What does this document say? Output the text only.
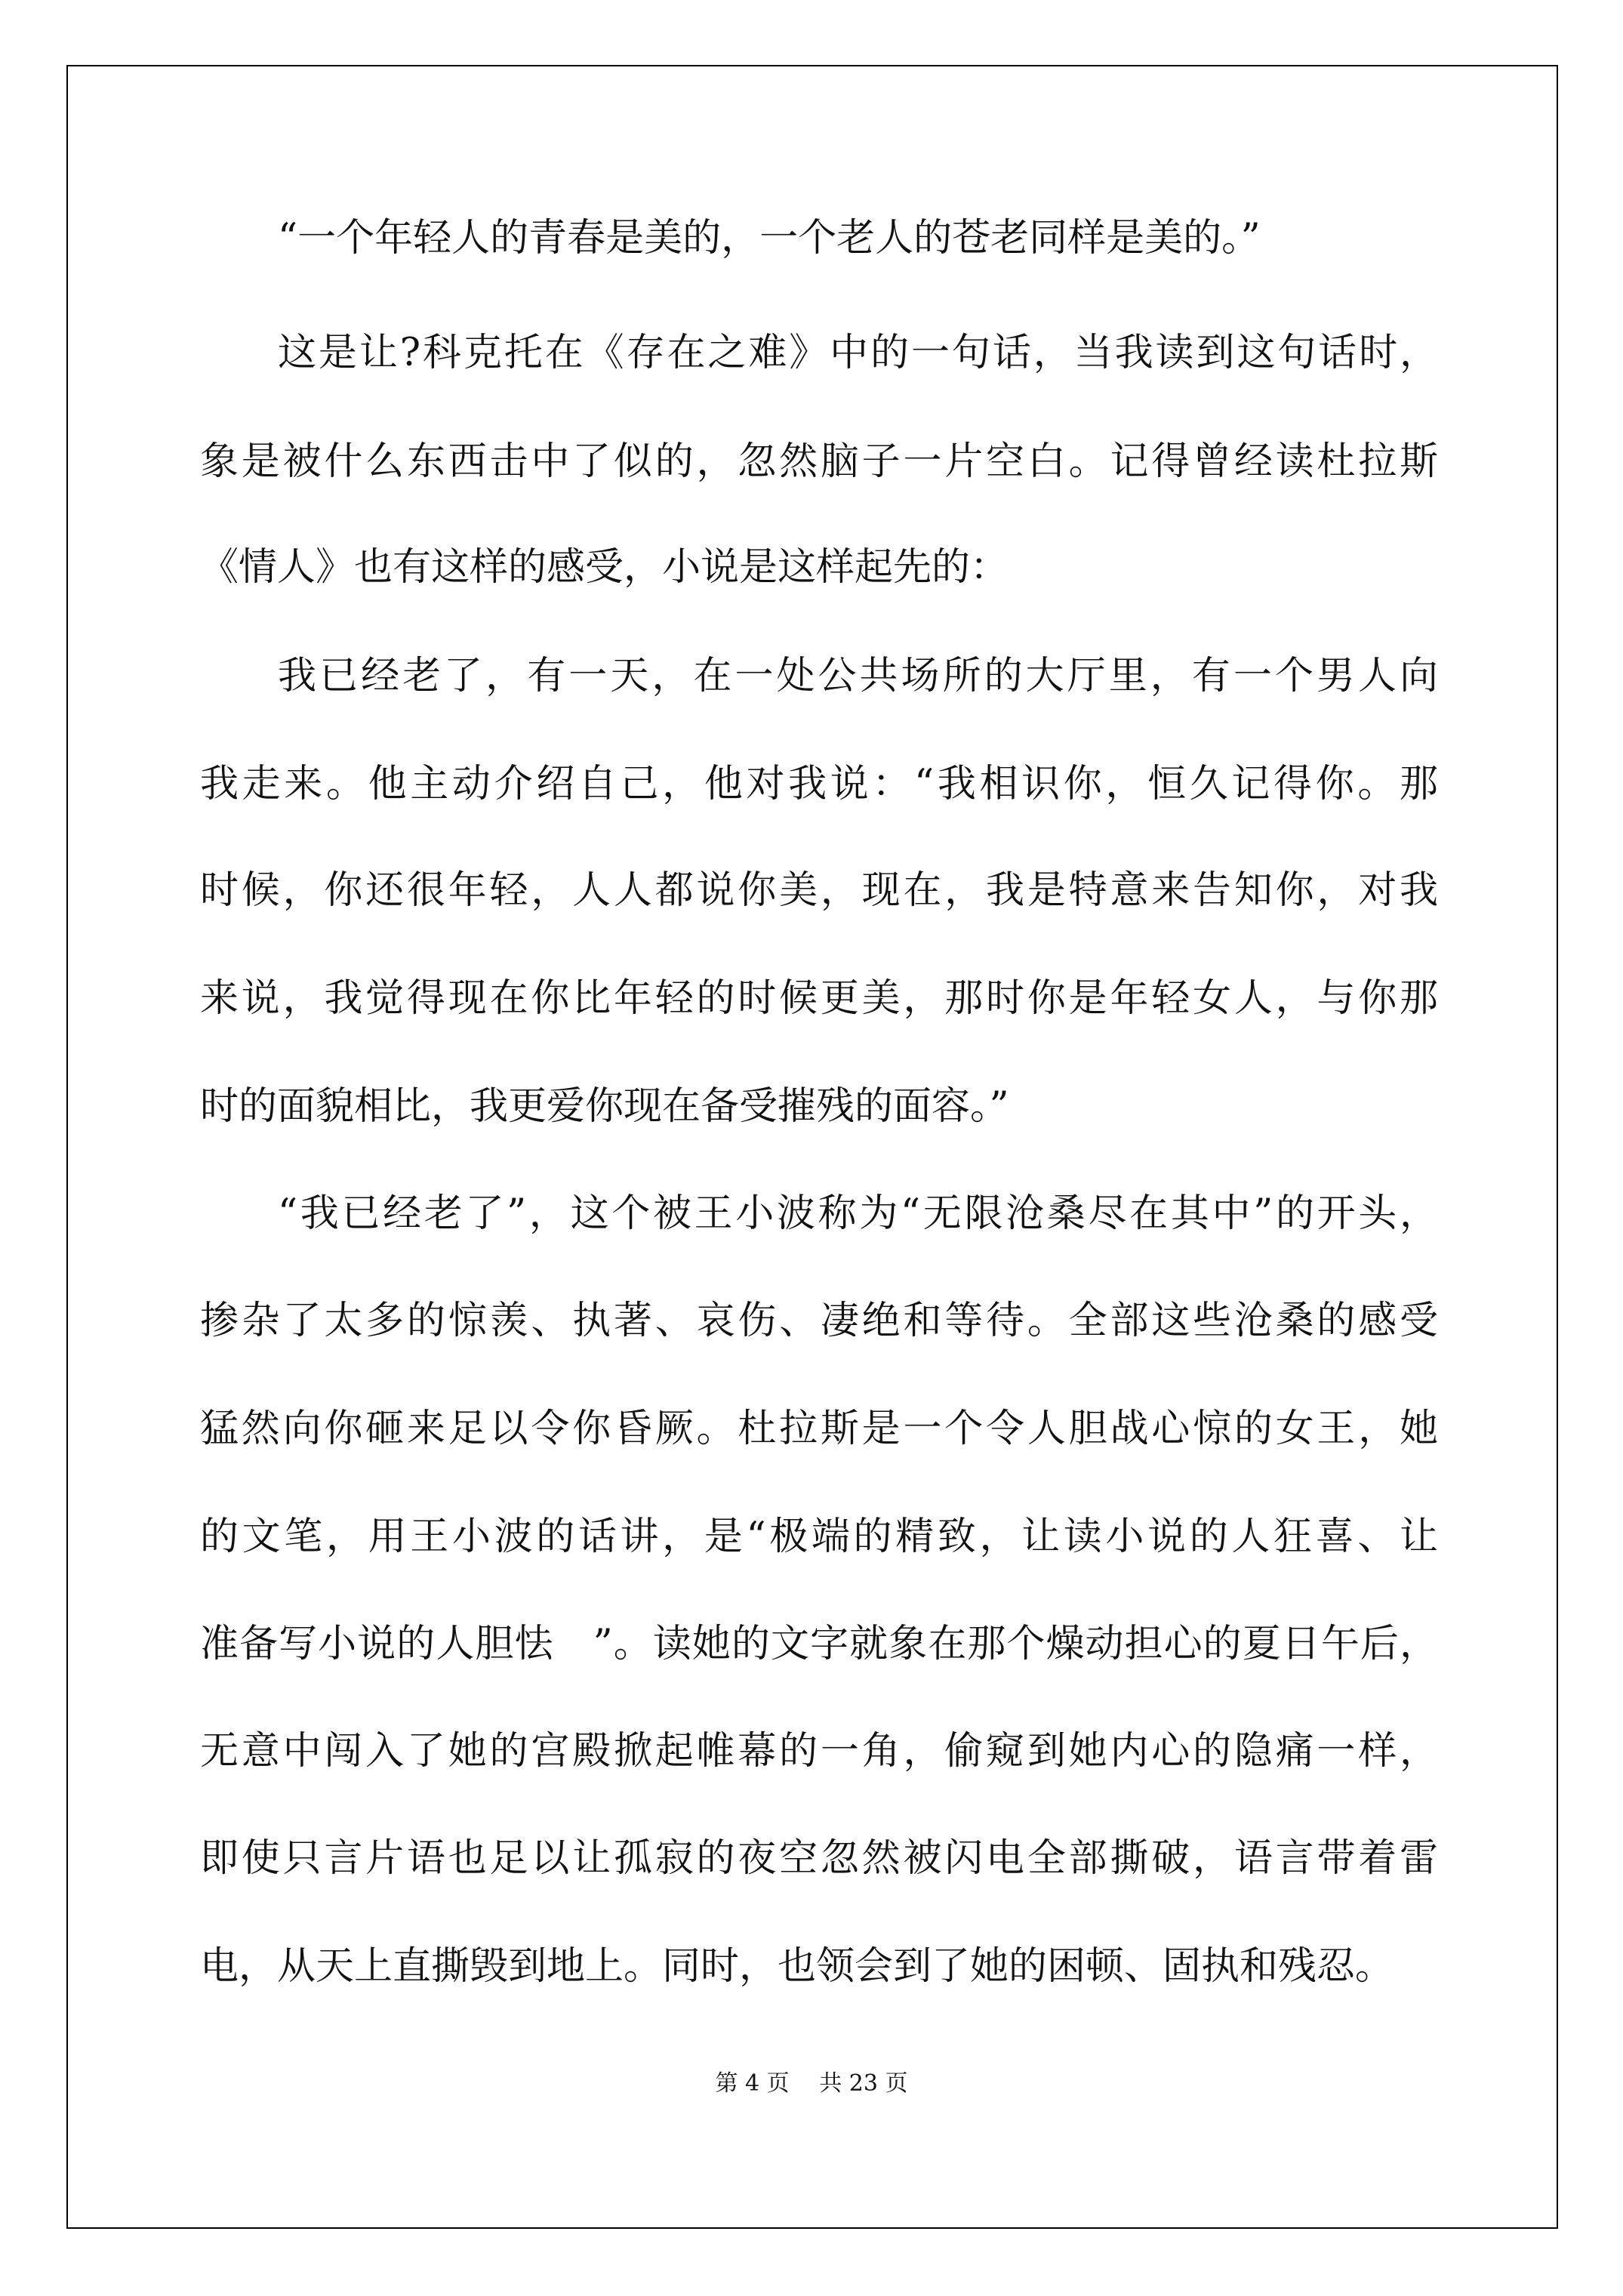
“一个年轻人的青春是美的，一个老人的苍老同样是美的。”
这是让?科克托在《存在之难》中的一句话，当我读到这句话时，
象是被什么东西击中了似的，忽然脑子一片空白。记得曾经读杜拉斯
《情人》也有这样的感受，小说是这样起先的：
我已经老了，有一天，在一处公共场所的大厅里，有一个男人向
我走来。他主动介绍自己，他对我说：“我相识你，恒久记得你。那
时候，你还很年轻，人人都说你美，现在，我是特意来告知你，对我
来说，我觉得现在你比年轻的时候更美，那时你是年轻女人，与你那
时的面貌相比，我更爱你现在备受摧残的面容。”
“我已经老了”，这个被王小波称为“无限沧桑尽在其中”的开头，
掺杂了太多的惊羡、执著、哀伤、凄绝和等待。全部这些沧桑的感受
猛然向你砸来足以令你昏厥。杜拉斯是一个令人胆战心惊的女王，她
的文笔，用王小波的话讲，是“极端的精致，让读小说的人狂喜、让
准备写小说的人胆怯　”。读她的文字就象在那个燥动担心的夏日午后，
无意中闯入了她的宫殿掀起帷幕的一角，偷窥到她内心的隐痛一样，
即使只言片语也足以让孤寂的夜空忽然被闪电全部撕破，语言带着雷
电，从天上直撕毁到地上。同时，也领会到了她的困顿、固执和残忍。
第 4 页　 共 23 页
